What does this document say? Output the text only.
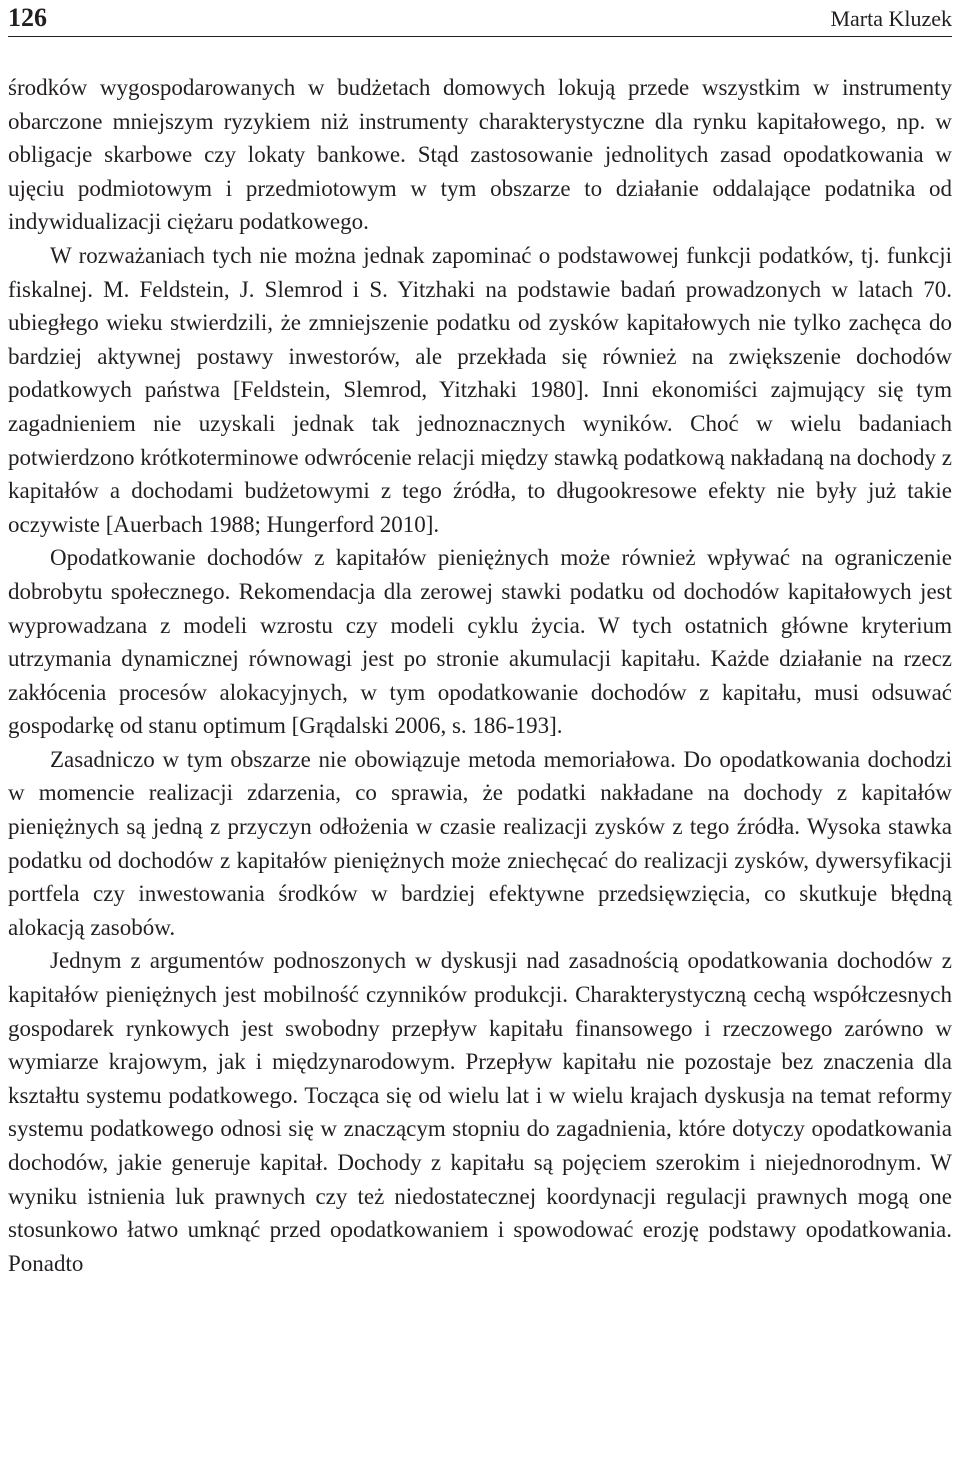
126	Marta Kluzek

środków wygospodarowanych w budżetach domowych lokują przede wszystkim w instrumenty obarczone mniejszym ryzykiem niż instrumenty charakterystyczne dla rynku kapitałowego, np. w obligacje skarbowe czy lokaty bankowe. Stąd zastosowanie jednolitych zasad opodatkowania w ujęciu podmiotowym i przedmiotowym w tym obszarze to działanie oddalające podatnika od indywidualizacji ciężaru podatkowego.

W rozważaniach tych nie można jednak zapominać o podstawowej funkcji podatków, tj. funkcji fiskalnej. M. Feldstein, J. Slemrod i S. Yitzhaki na podstawie badań prowadzonych w latach 70. ubiegłego wieku stwierdzili, że zmniejszenie podatku od zysków kapitałowych nie tylko zachęca do bardziej aktywnej postawy inwestorów, ale przekłada się również na zwiększenie dochodów podatkowych państwa [Feldstein, Slemrod, Yitzhaki 1980]. Inni ekonomiści zajmujący się tym zagadnieniem nie uzyskali jednak tak jednoznacznych wyników. Choć w wielu badaniach potwierdzono krótkoterminowe odwrócenie relacji między stawką podatkową nakładaną na dochody z kapitałów a dochodami budżetowymi z tego źródła, to długookresowe efekty nie były już takie oczywiste [Auerbach 1988; Hungerford 2010].

Opodatkowanie dochodów z kapitałów pieniężnych może również wpływać na ograniczenie dobrobytu społecznego. Rekomendacja dla zerowej stawki podatku od dochodów kapitałowych jest wyprowadzana z modeli wzrostu czy modeli cyklu życia. W tych ostatnich główne kryterium utrzymania dynamicznej równowagi jest po stronie akumulacji kapitału. Każde działanie na rzecz zakłócenia procesów alokacyjnych, w tym opodatkowanie dochodów z kapitału, musi odsuwać gospodarkę od stanu optimum [Grądalski 2006, s. 186-193].

Zasadniczo w tym obszarze nie obowiązuje metoda memoriałowa. Do opodatkowania dochodzi w momencie realizacji zdarzenia, co sprawia, że podatki nakładane na dochody z kapitałów pieniężnych są jedną z przyczyn odłożenia w czasie realizacji zysków z tego źródła. Wysoka stawka podatku od dochodów z kapitałów pieniężnych może zniechęcać do realizacji zysków, dywersyfikacji portfela czy inwestowania środków w bardziej efektywne przedsięwzięcia, co skutkuje błędną alokacją zasobów.

Jednym z argumentów podnoszonych w dyskusji nad zasadnością opodatkowania dochodów z kapitałów pieniężnych jest mobilność czynników produkcji. Charakterystyczną cechą współczesnych gospodarek rynkowych jest swobodny przepływ kapitału finansowego i rzeczowego zarówno w wymiarze krajowym, jak i międzynarodowym. Przepływ kapitału nie pozostaje bez znaczenia dla kształtu systemu podatkowego. Tocząca się od wielu lat i w wielu krajach dyskusja na temat reformy systemu podatkowego odnosi się w znaczącym stopniu do zagadnienia, które dotyczy opodatkowania dochodów, jakie generuje kapitał. Dochody z kapitału są pojęciem szerokim i niejednorodnym. W wyniku istnienia luk prawnych czy też niedostatecznej koordynacji regulacji prawnych mogą one stosunkowo łatwo umknąć przed opodatkowaniem i spowodować erozję podstawy opodatkowania. Ponadto
